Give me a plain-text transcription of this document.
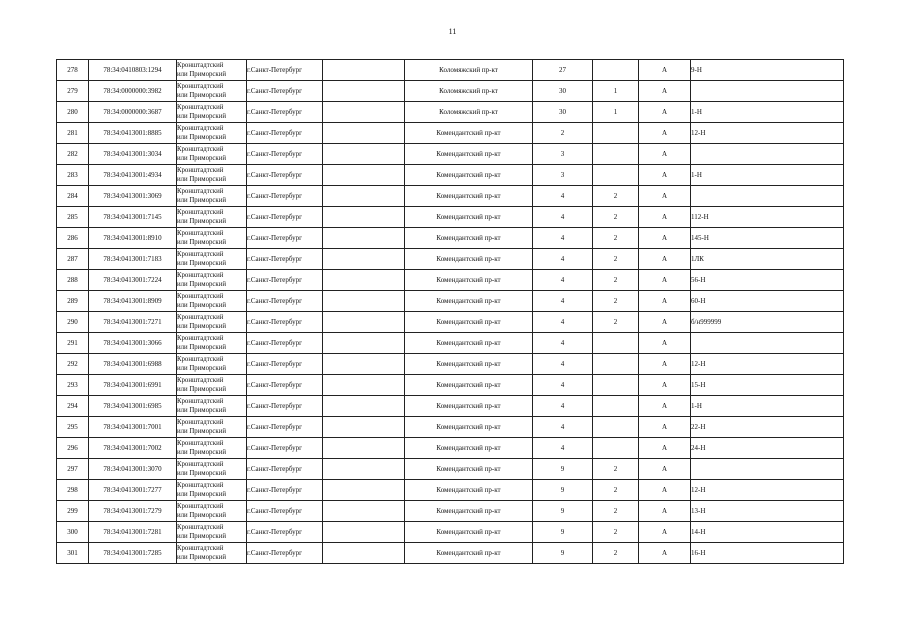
11
278	78:34:0410803:1294	Кронштадтский
или Приморский	г.Санкт-Петербург		Коломяжский пр-кт	27		А	9-Н
279	78:34:0000000:3982	Кронштадтский
или Приморский	г.Санкт-Петербург		Коломяжский пр-кт	30	1	А	
280	78:34:0000000:3687	Кронштадтский
или Приморский	г.Санкт-Петербург		Коломяжский пр-кт	30	1	А	1-Н
281	78:34:0413001:8885	Кронштадтский
или Приморский	г.Санкт-Петербург		Комендантский пр-кт	2		А	12-Н
282	78:34:0413001:3034	Кронштадтский
или Приморский	г.Санкт-Петербург		Комендантский пр-кт	3		А	
283	78:34:0413001:4934	Кронштадтский
или Приморский	г.Санкт-Петербург		Комендантский пр-кт	3		А	1-Н
284	78:34:0413001:3069	Кронштадтский
или Приморский	г.Санкт-Петербург		Комендантский пр-кт	4	2	А	
285	78:34:0413001:7145	Кронштадтский
или Приморский	г.Санкт-Петербург		Комендантский пр-кт	4	2	А	112-Н
286	78:34:0413001:8910	Кронштадтский
или Приморский	г.Санкт-Петербург		Комендантский пр-кт	4	2	А	145-Н
287	78:34:0413001:7183	Кронштадтский
или Приморский	г.Санкт-Петербург		Комендантский пр-кт	4	2	А	1ЛК
288	78:34:0413001:7224	Кронштадтский
или Приморский	г.Санкт-Петербург		Комендантский пр-кт	4	2	А	56-Н
289	78:34:0413001:8909	Кронштадтский
или Приморский	г.Санкт-Петербург		Комендантский пр-кт	4	2	А	60-Н
290	78:34:0413001:7271	Кронштадтский
или Приморский	г.Санкт-Петербург		Комендантский пр-кт	4	2	А	б/н999999
291	78:34:0413001:3066	Кронштадтский
или Приморский	г.Санкт-Петербург		Комендантский пр-кт	4		А	
292	78:34:0413001:6988	Кронштадтский
или Приморский	г.Санкт-Петербург		Комендантский пр-кт	4		А	12-Н
293	78:34:0413001:6991	Кронштадтский
или Приморский	г.Санкт-Петербург		Комендантский пр-кт	4		А	15-Н
294	78:34:0413001:6985	Кронштадтский
или Приморский	г.Санкт-Петербург		Комендантский пр-кт	4		А	1-Н
295	78:34:0413001:7001	Кронштадтский
или Приморский	г.Санкт-Петербург		Комендантский пр-кт	4		А	22-Н
296	78:34:0413001:7002	Кронштадтский
или Приморский	г.Санкт-Петербург		Комендантский пр-кт	4		А	24-Н
297	78:34:0413001:3070	Кронштадтский
или Приморский	г.Санкт-Петербург		Комендантский пр-кт	9	2	А	
298	78:34:0413001:7277	Кронштадтский
или Приморский	г.Санкт-Петербург		Комендантский пр-кт	9	2	А	12-Н
299	78:34:0413001:7279	Кронштадтский
или Приморский	г.Санкт-Петербург		Комендантский пр-кт	9	2	А	13-Н
300	78:34:0413001:7281	Кронштадтский
или Приморский	г.Санкт-Петербург		Комендантский пр-кт	9	2	А	14-Н
301	78:34:0413001:7285	Кронштадтский
или Приморский	г.Санкт-Петербург		Комендантский пр-кт	9	2	А	16-Н
